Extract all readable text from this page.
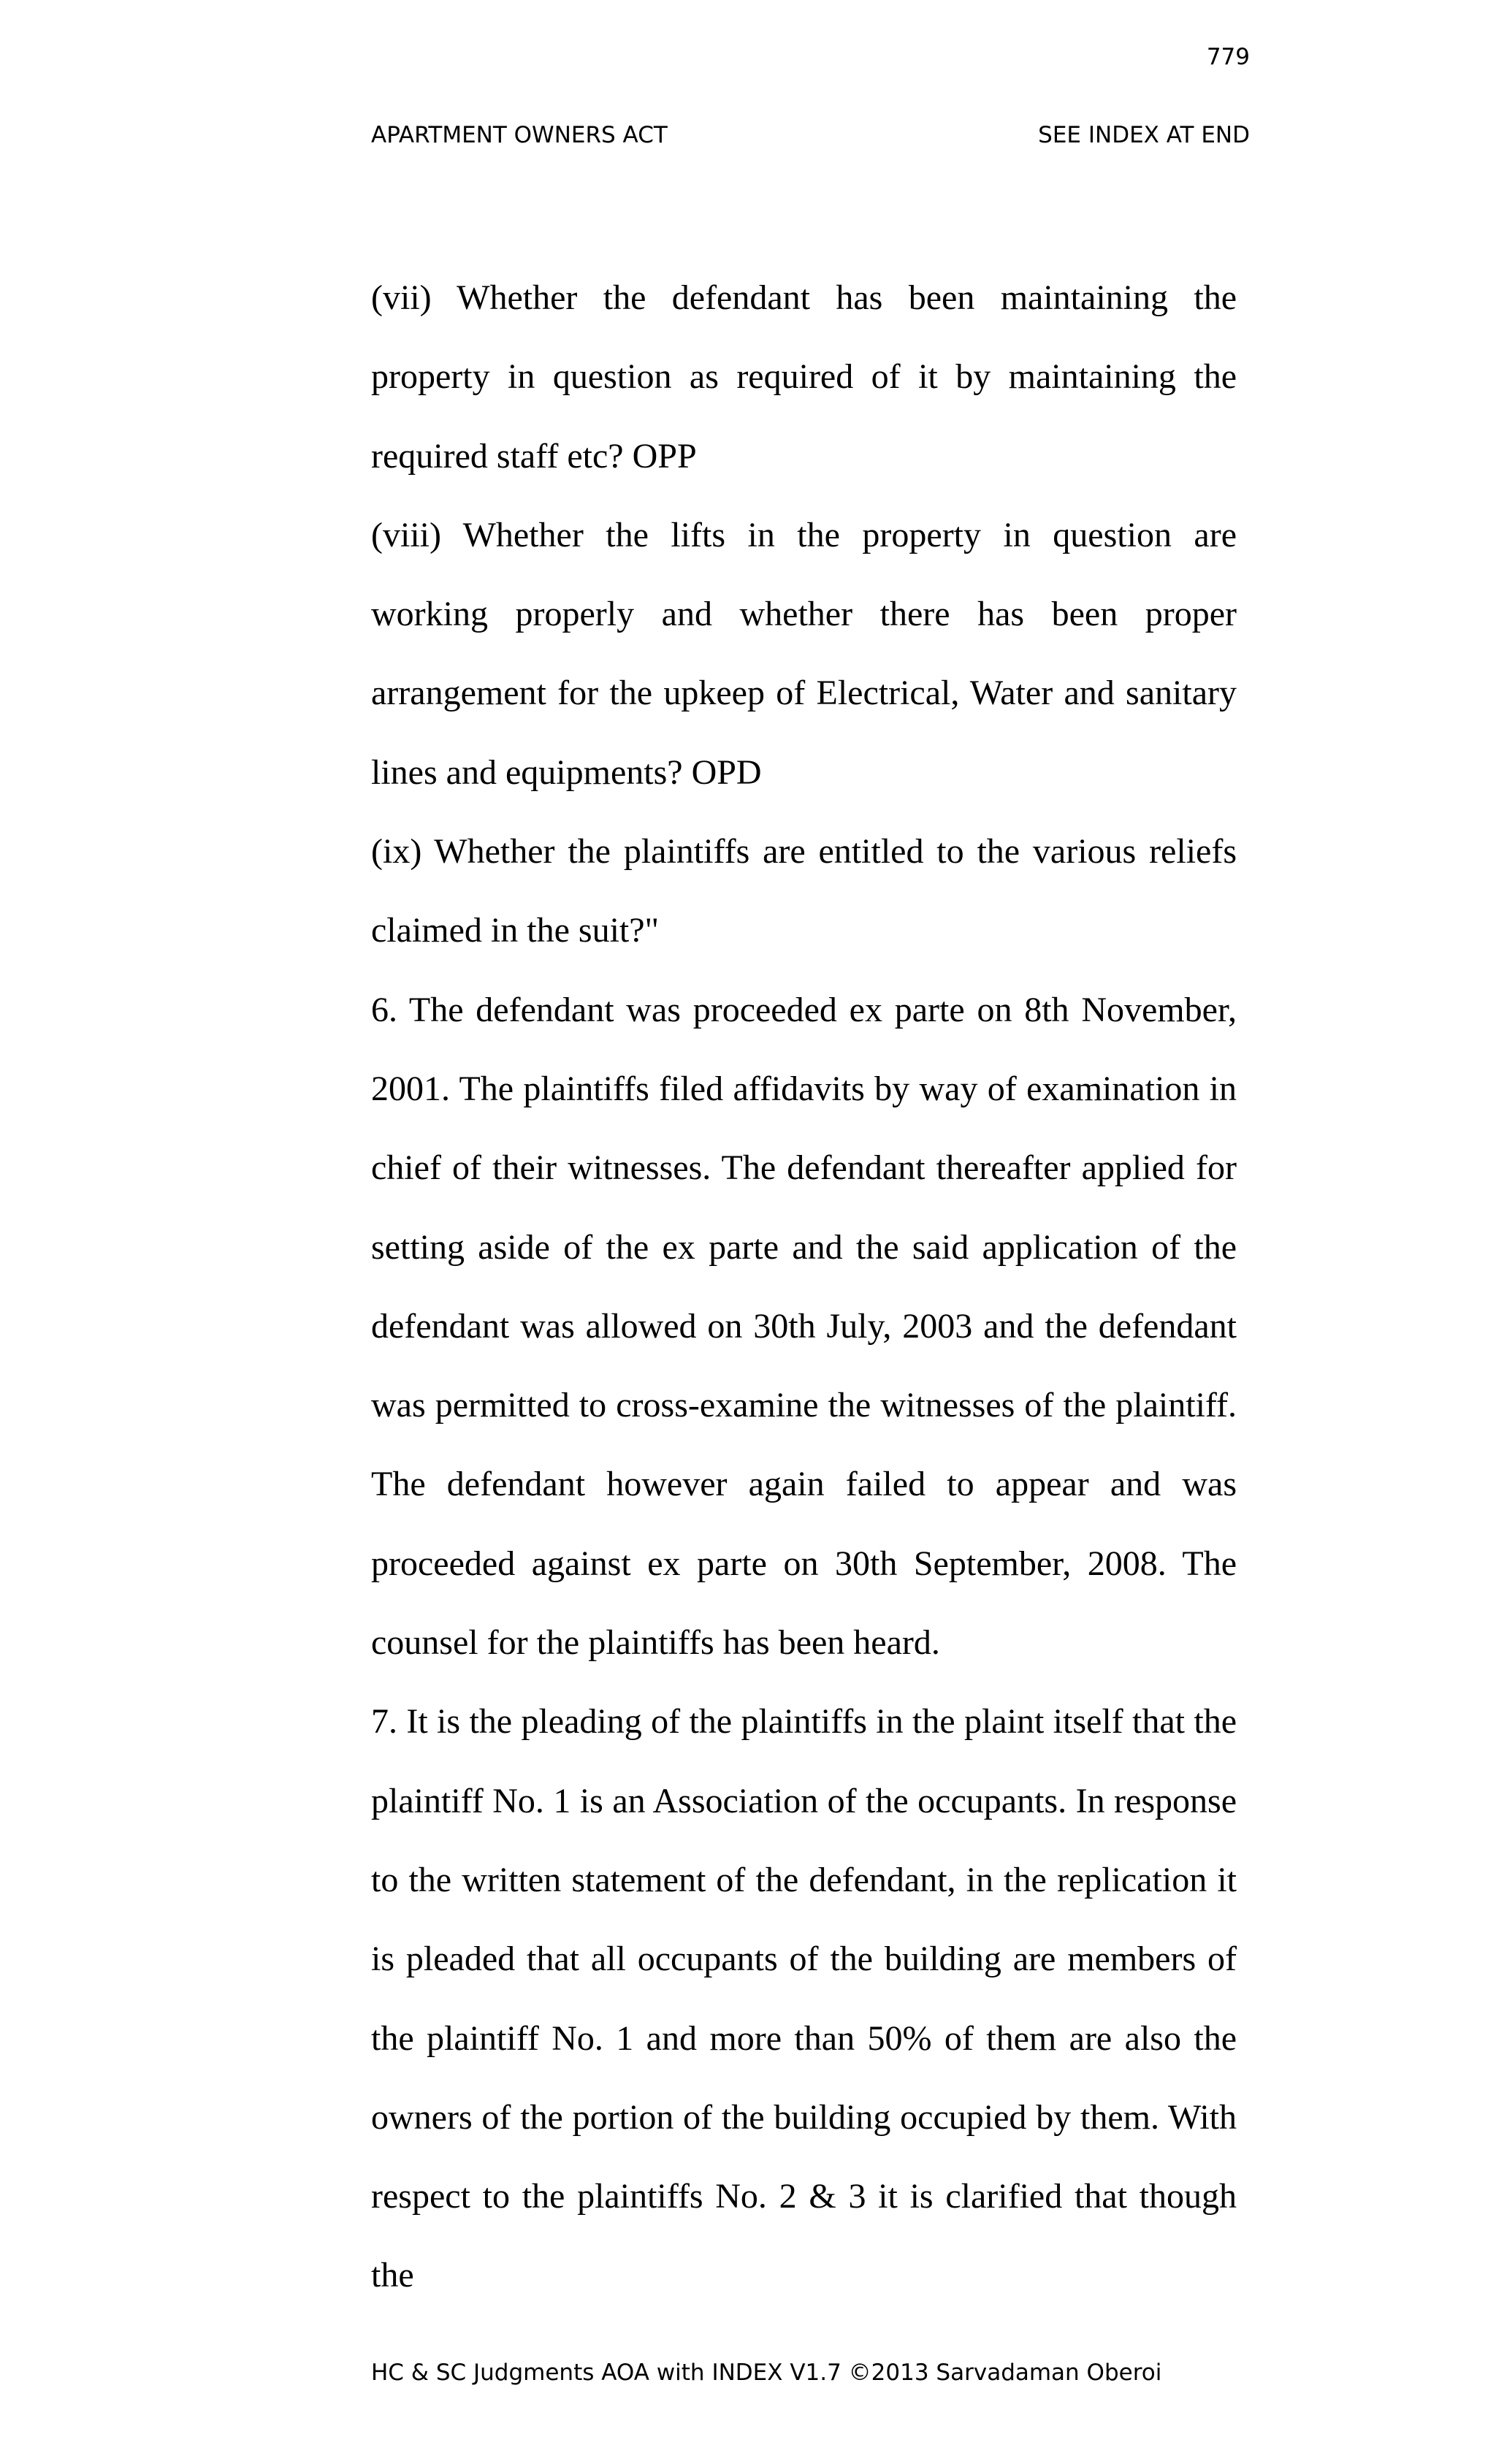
779
APARTMENT OWNERS ACT	SEE INDEX AT END

(vii) Whether the defendant has been maintaining the property in question as required of it by maintaining the required staff etc? OPP

(viii) Whether the lifts in the property in question are working properly and whether there has been proper arrangement for the upkeep of Electrical, Water and sanitary lines and equipments? OPD

(ix) Whether the plaintiffs are entitled to the various reliefs claimed in the suit?"

6. The defendant was proceeded ex parte on 8th November, 2001. The plaintiffs filed affidavits by way of examination in chief of their witnesses. The defendant thereafter applied for setting aside of the ex parte and the said application of the defendant was allowed on 30th July, 2003 and the defendant was permitted to cross-examine the witnesses of the plaintiff. The defendant however again failed to appear and was proceeded against ex parte on 30th September, 2008. The counsel for the plaintiffs has been heard.

7. It is the pleading of the plaintiffs in the plaint itself that the plaintiff No. 1 is an Association of the occupants. In response to the written statement of the defendant, in the replication it is pleaded that all occupants of the building are members of the plaintiff No. 1 and more than 50% of them are also the owners of the portion of the building occupied by them. With respect to the plaintiffs No. 2 & 3 it is clarified that though the

HC & SC Judgments AOA with INDEX V1.7 ©2013 Sarvadaman Oberoi
